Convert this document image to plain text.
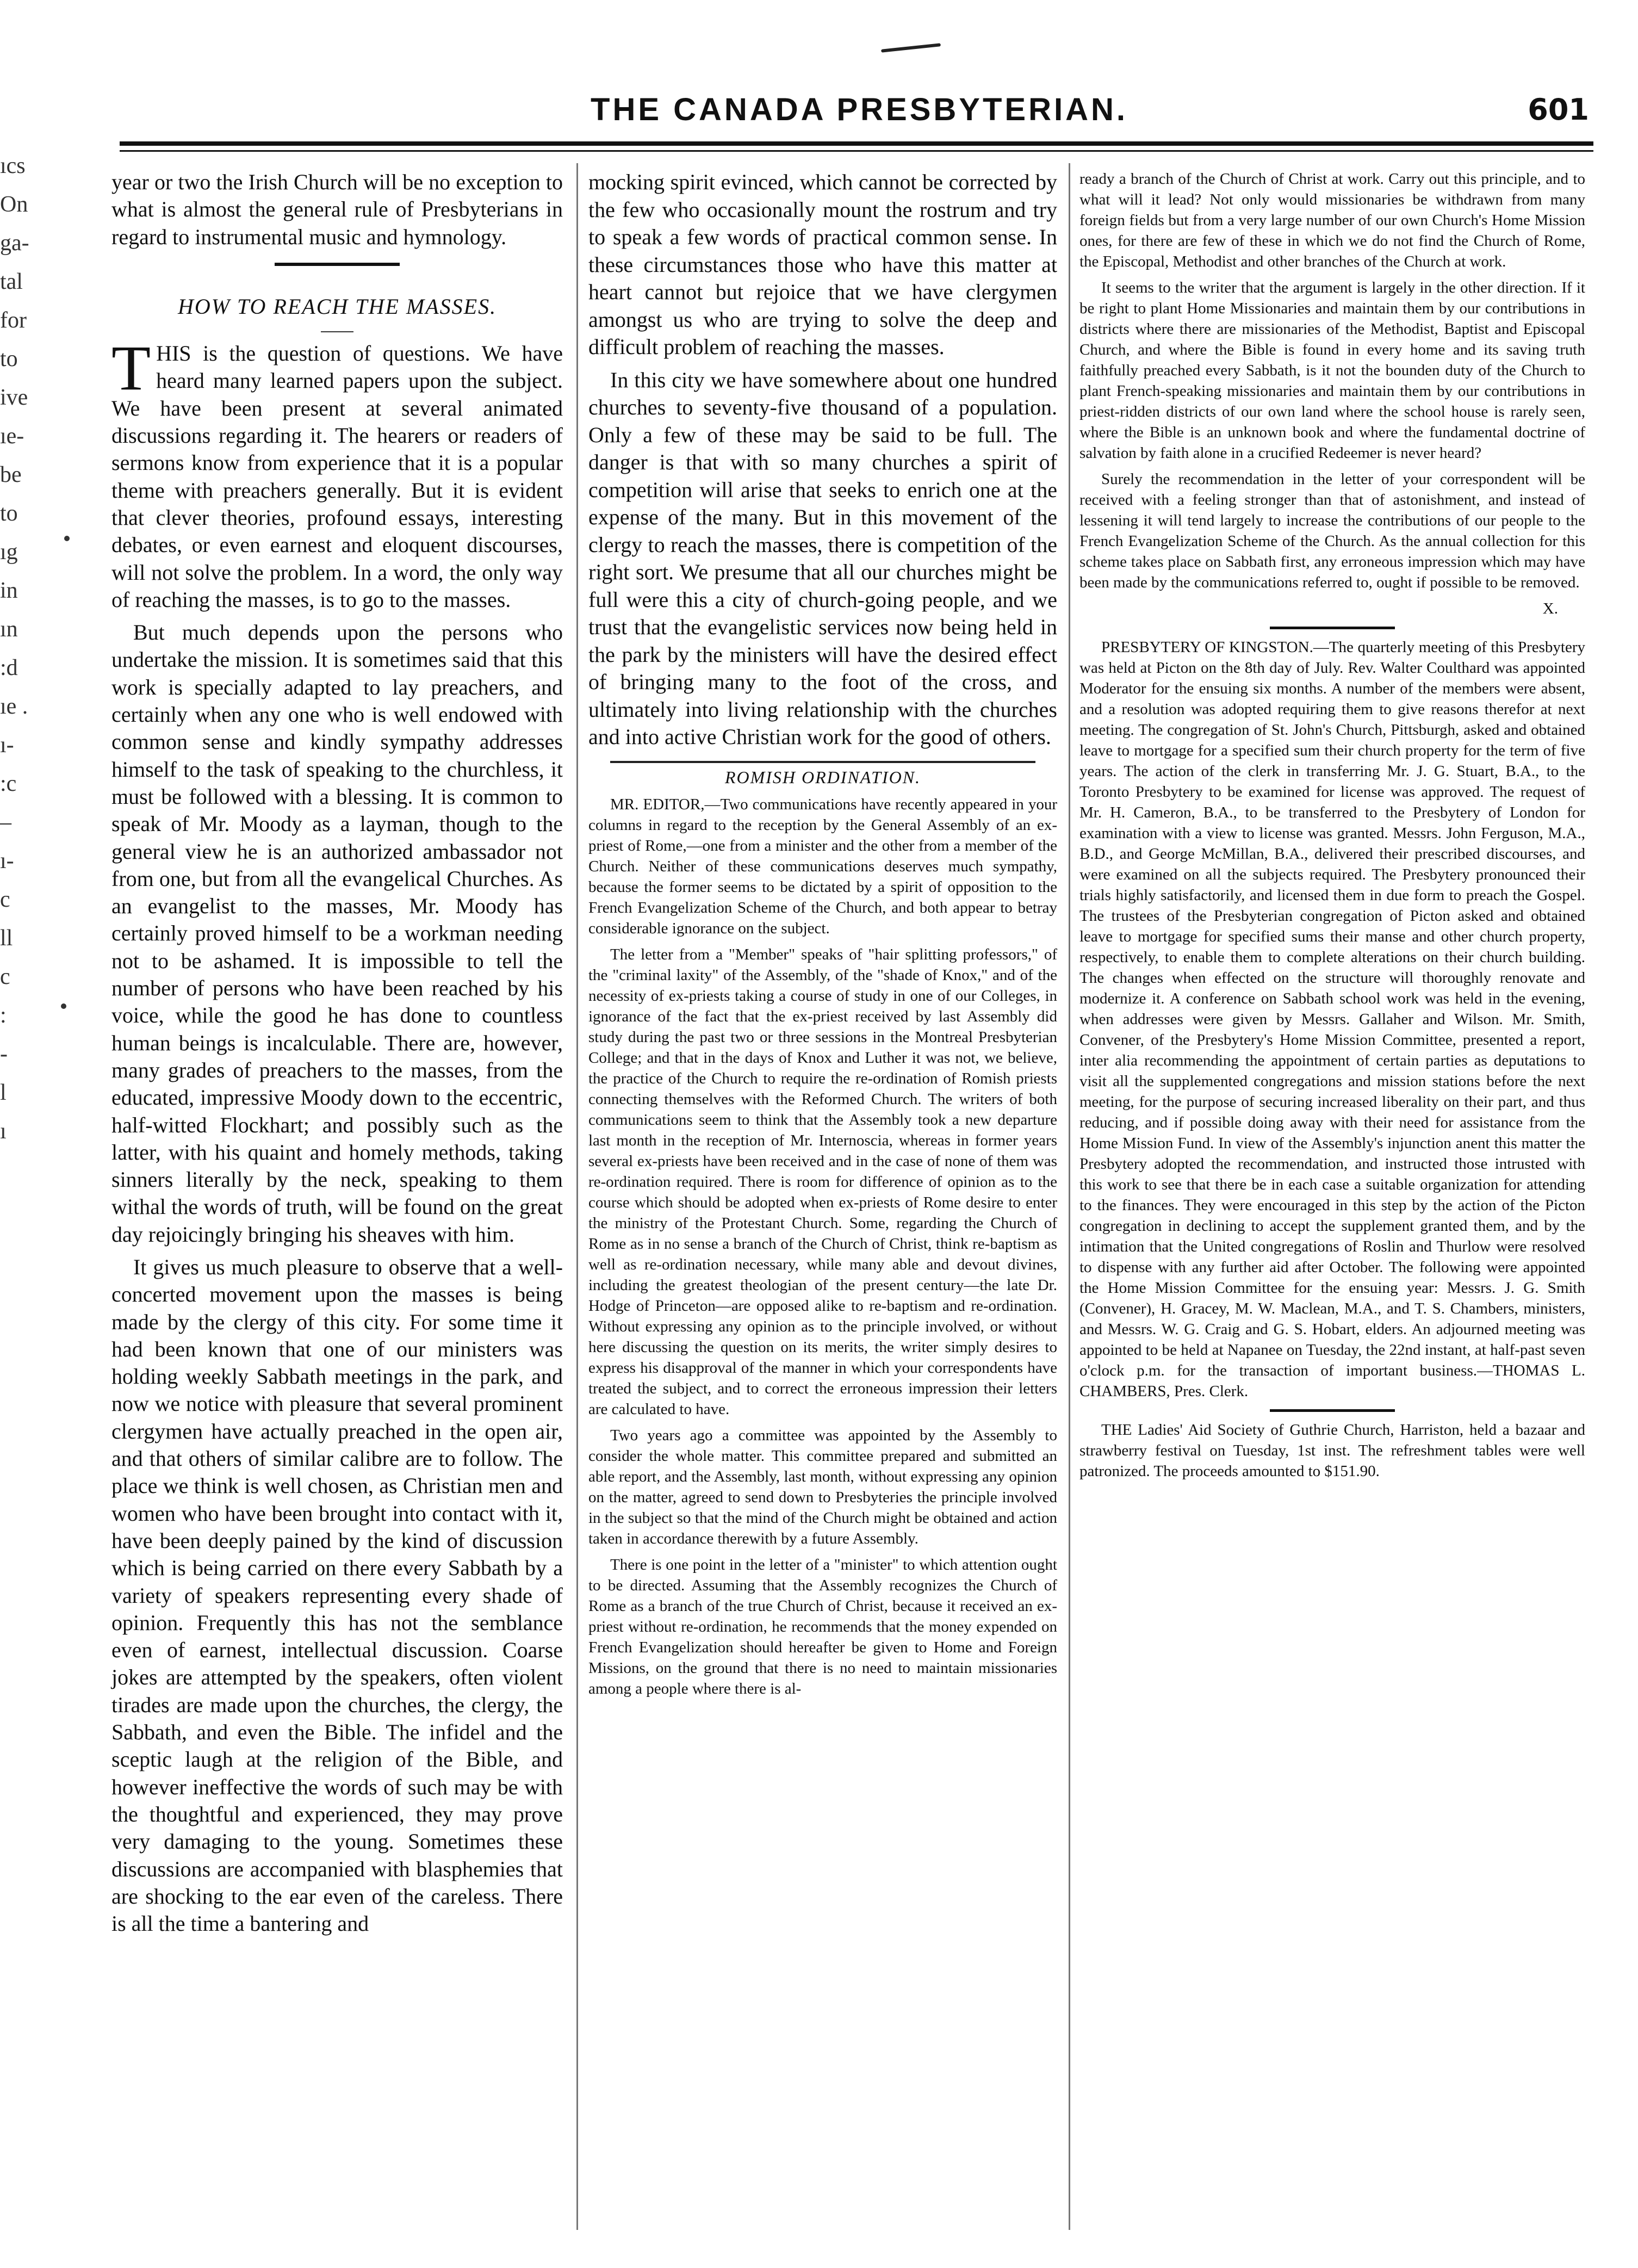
THE CANADA PRESBYTERIAN.	601
ıcs
On
ga-
tal
for
to
ive
ıe-
be
to
ıg
in
ın
:d
ıe .
ı-
:c
–
ı-
c
ll
c
:
-
l
ı

year or two the Irish Church will be no exception to what is almost the general rule of Presbyterians in regard to instrumental music and hymnology.

HOW TO REACH THE MASSES.

THIS is the question of questions. We have heard many learned papers upon the subject. We have been present at several animated discussions regarding it. The hearers or readers of sermons know from experience that it is a popular theme with preachers generally. But it is evident that clever theories, profound essays, interesting debates, or even earnest and eloquent discourses, will not solve the problem. In a word, the only way of reaching the masses, is to go to the masses.

But much depends upon the persons who undertake the mission. It is sometimes said that this work is specially adapted to lay preachers, and certainly when any one who is well endowed with common sense and kindly sympathy addresses himself to the task of speaking to the churchless, it must be followed with a blessing. It is common to speak of Mr. Moody as a layman, though to the general view he is an authorized ambassador not from one, but from all the evangelical Churches. As an evangelist to the masses, Mr. Moody has certainly proved himself to be a workman needing not to be ashamed. It is impossible to tell the number of persons who have been reached by his voice, while the good he has done to countless human beings is incalculable. There are, however, many grades of preachers to the masses, from the educated, impressive Moody down to the eccentric, half-witted Flockhart; and possibly such as the latter, with his quaint and homely methods, taking sinners literally by the neck, speaking to them withal the words of truth, will be found on the great day rejoicingly bringing his sheaves with him.

It gives us much pleasure to observe that a well-concerted movement upon the masses is being made by the clergy of this city. For some time it had been known that one of our ministers was holding weekly Sabbath meetings in the park, and now we notice with pleasure that several prominent clergymen have actually preached in the open air, and that others of similar calibre are to follow. The place we think is well chosen, as Christian men and women who have been brought into contact with it, have been deeply pained by the kind of discussion which is being carried on there every Sabbath by a variety of speakers representing every shade of opinion. Frequently this has not the semblance even of earnest, intellectual discussion. Coarse jokes are attempted by the speakers, often violent tirades are made upon the churches, the clergy, the Sabbath, and even the Bible. The infidel and the sceptic laugh at the religion of the Bible, and however ineffective the words of such may be with the thoughtful and experienced, they may prove very damaging to the young. Sometimes these discussions are accompanied with blasphemies that are shocking to the ear even of the careless. There is all the time a bantering and

mocking spirit evinced, which cannot be corrected by the few who occasionally mount the rostrum and try to speak a few words of practical common sense. In these circumstances those who have this matter at heart cannot but rejoice that we have clergymen amongst us who are trying to solve the deep and difficult problem of reaching the masses.

In this city we have somewhere about one hundred churches to seventy-five thousand of a population. Only a few of these may be said to be full. The danger is that with so many churches a spirit of competition will arise that seeks to enrich one at the expense of the many. But in this movement of the clergy to reach the masses, there is competition of the right sort. We presume that all our churches might be full were this a city of church-going people, and we trust that the evangelistic services now being held in the park by the ministers will have the desired effect of bringing many to the foot of the cross, and ultimately into living relationship with the churches and into active Christian work for the good of others.

ROMISH ORDINATION.

MR. EDITOR,—Two communications have recently appeared in your columns in regard to the reception by the General Assembly of an ex-priest of Rome,—one from a minister and the other from a member of the Church. Neither of these communications deserves much sympathy, because the former seems to be dictated by a spirit of opposition to the French Evangelization Scheme of the Church, and both appear to betray considerable ignorance on the subject.

The letter from a "Member" speaks of "hair splitting professors," of the "criminal laxity" of the Assembly, of the "shade of Knox," and of the necessity of ex-priests taking a course of study in one of our Colleges, in ignorance of the fact that the ex-priest received by last Assembly did study during the past two or three sessions in the Montreal Presbyterian College; and that in the days of Knox and Luther it was not, we believe, the practice of the Church to require the re-ordination of Romish priests connecting themselves with the Reformed Church. The writers of both communications seem to think that the Assembly took a new departure last month in the reception of Mr. Internoscia, whereas in former years several ex-priests have been received and in the case of none of them was re-ordination required. There is room for difference of opinion as to the course which should be adopted when ex-priests of Rome desire to enter the ministry of the Protestant Church. Some, regarding the Church of Rome as in no sense a branch of the Church of Christ, think re-baptism as well as re-ordination necessary, while many able and devout divines, including the greatest theologian of the present century—the late Dr. Hodge of Princeton—are opposed alike to re-baptism and re-ordination. Without expressing any opinion as to the principle involved, or without here discussing the question on its merits, the writer simply desires to express his disapproval of the manner in which your correspondents have treated the subject, and to correct the erroneous impression their letters are calculated to have.

Two years ago a committee was appointed by the Assembly to consider the whole matter. This committee prepared and submitted an able report, and the Assembly, last month, without expressing any opinion on the matter, agreed to send down to Presbyteries the principle involved in the subject so that the mind of the Church might be obtained and action taken in accordance therewith by a future Assembly.

There is one point in the letter of a "minister" to which attention ought to be directed. Assuming that the Assembly recognizes the Church of Rome as a branch of the true Church of Christ, because it received an ex-priest without re-ordination, he recommends that the money expended on French Evangelization should hereafter be given to Home and Foreign Missions, on the ground that there is no need to maintain missionaries among a people where there is al-

ready a branch of the Church of Christ at work. Carry out this principle, and to what will it lead? Not only would missionaries be withdrawn from many foreign fields but from a very large number of our own Church's Home Mission ones, for there are few of these in which we do not find the Church of Rome, the Episcopal, Methodist and other branches of the Church at work.

It seems to the writer that the argument is largely in the other direction. If it be right to plant Home Missionaries and maintain them by our contributions in districts where there are missionaries of the Methodist, Baptist and Episcopal Church, and where the Bible is found in every home and its saving truth faithfully preached every Sabbath, is it not the bounden duty of the Church to plant French-speaking missionaries and maintain them by our contributions in priest-ridden districts of our own land where the school house is rarely seen, where the Bible is an unknown book and where the fundamental doctrine of salvation by faith alone in a crucified Redeemer is never heard?

Surely the recommendation in the letter of your correspondent will be received with a feeling stronger than that of astonishment, and instead of lessening it will tend largely to increase the contributions of our people to the French Evangelization Scheme of the Church. As the annual collection for this scheme takes place on Sabbath first, any erroneous impression which may have been made by the communications referred to, ought if possible to be removed.

X.

PRESBYTERY OF KINGSTON.—The quarterly meeting of this Presbytery was held at Picton on the 8th day of July. Rev. Walter Coulthard was appointed Moderator for the ensuing six months. A number of the members were absent, and a resolution was adopted requiring them to give reasons therefor at next meeting. The congregation of St. John's Church, Pittsburgh, asked and obtained leave to mortgage for a specified sum their church property for the term of five years. The action of the clerk in transferring Mr. J. G. Stuart, B.A., to the Toronto Presbytery to be examined for license was approved. The request of Mr. H. Cameron, B.A., to be transferred to the Presbytery of London for examination with a view to license was granted. Messrs. John Ferguson, M.A., B.D., and George McMillan, B.A., delivered their prescribed discourses, and were examined on all the subjects required. The Presbytery pronounced their trials highly satisfactorily, and licensed them in due form to preach the Gospel. The trustees of the Presbyterian congregation of Picton asked and obtained leave to mortgage for specified sums their manse and other church property, respectively, to enable them to complete alterations on their church building. The changes when effected on the structure will thoroughly renovate and modernize it. A conference on Sabbath school work was held in the evening, when addresses were given by Messrs. Gallaher and Wilson. Mr. Smith, Convener, of the Presbytery's Home Mission Committee, presented a report, inter alia recommending the appointment of certain parties as deputations to visit all the supplemented congregations and mission stations before the next meeting, for the purpose of securing increased liberality on their part, and thus reducing, and if possible doing away with their need for assistance from the Home Mission Fund. In view of the Assembly's injunction anent this matter the Presbytery adopted the recommendation, and instructed those intrusted with this work to see that there be in each case a suitable organization for attending to the finances. They were encouraged in this step by the action of the Picton congregation in declining to accept the supplement granted them, and by the intimation that the United congregations of Roslin and Thurlow were resolved to dispense with any further aid after October. The following were appointed the Home Mission Committee for the ensuing year: Messrs. J. G. Smith (Convener), H. Gracey, M. W. Maclean, M.A., and T. S. Chambers, ministers, and Messrs. W. G. Craig and G. S. Hobart, elders. An adjourned meeting was appointed to be held at Napanee on Tuesday, the 22nd instant, at half-past seven o'clock p.m. for the transaction of important business.—THOMAS L. CHAMBERS, Pres. Clerk.

THE Ladies' Aid Society of Guthrie Church, Harriston, held a bazaar and strawberry festival on Tuesday, 1st inst. The refreshment tables were well patronized. The proceeds amounted to $151.90.
